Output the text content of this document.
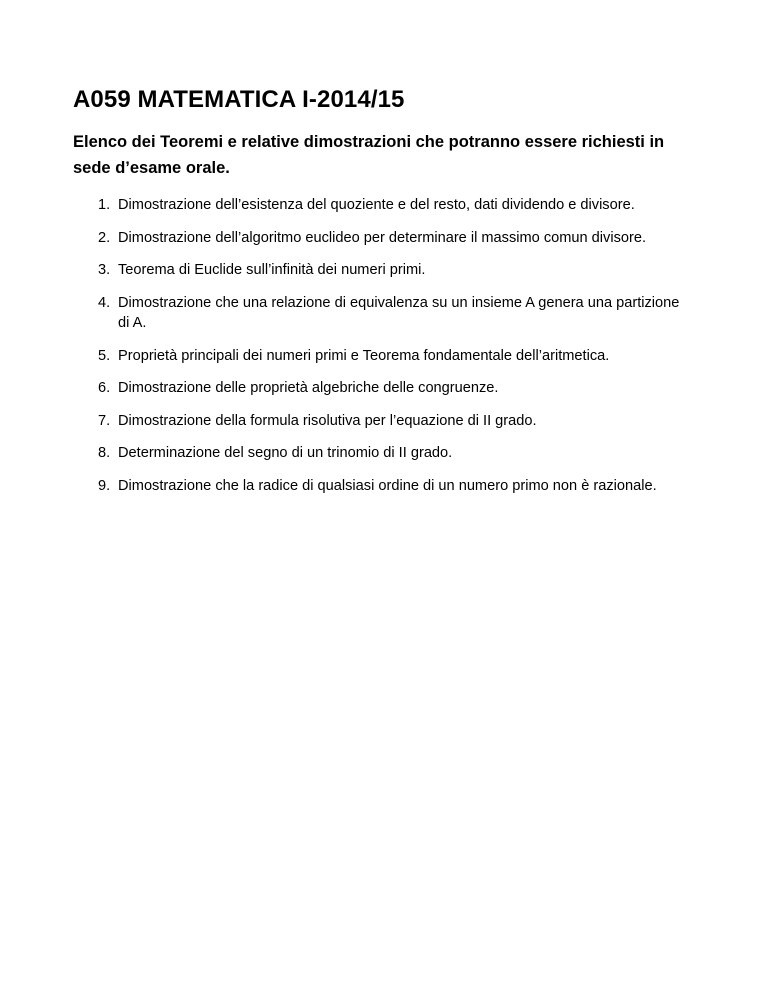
A059 MATEMATICA I-2014/15

Elenco dei Teoremi e relative dimostrazioni che potranno essere richiesti in sede d’esame orale.

1. Dimostrazione dell’esistenza del quoziente e del resto, dati dividendo e divisore.
2. Dimostrazione dell’algoritmo euclideo per determinare il massimo comun divisore.
3. Teorema di Euclide sull’infinità dei numeri primi.
4. Dimostrazione che una relazione di equivalenza su un insieme A genera una partizione di A.
5. Proprietà principali dei numeri primi e Teorema fondamentale dell’aritmetica.
6. Dimostrazione delle proprietà algebriche delle congruenze.
7. Dimostrazione della formula risolutiva per l’equazione di II grado.
8. Determinazione del segno di un trinomio di II grado.
9. Dimostrazione che la radice di qualsiasi ordine di un numero primo non è razionale.
